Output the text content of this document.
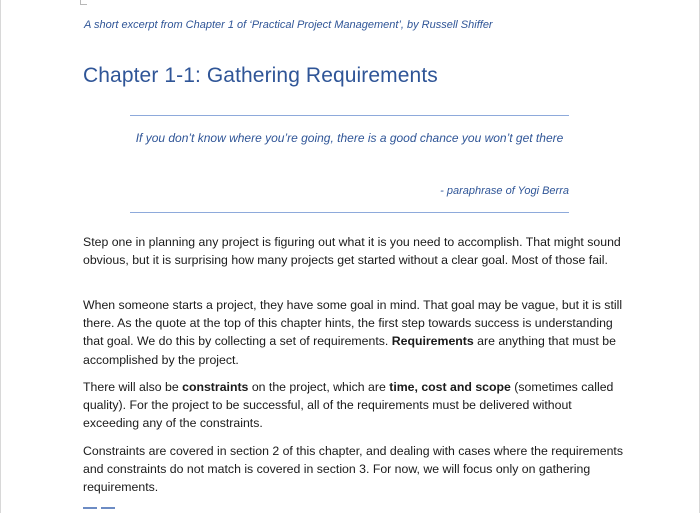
A short excerpt from Chapter 1 of ‘Practical Project Management’, by Russell Shiffer
Chapter 1-1: Gathering Requirements
If you don’t know where you’re going, there is a good chance you won’t get there
- paraphrase of Yogi Berra
Step one in planning any project is figuring out what it is you need to accomplish. That might sound obvious, but it is surprising how many projects get started without a clear goal. Most of those fail.
When someone starts a project, they have some goal in mind. That goal may be vague, but it is still there. As the quote at the top of this chapter hints, the first step towards success is understanding that goal. We do this by collecting a set of requirements. Requirements are anything that must be accomplished by the project.
There will also be constraints on the project, which are time, cost and scope (sometimes called quality). For the project to be successful, all of the requirements must be delivered without exceeding any of the constraints.
Constraints are covered in section 2 of this chapter, and dealing with cases where the requirements and constraints do not match is covered in section 3. For now, we will focus only on gathering requirements.
